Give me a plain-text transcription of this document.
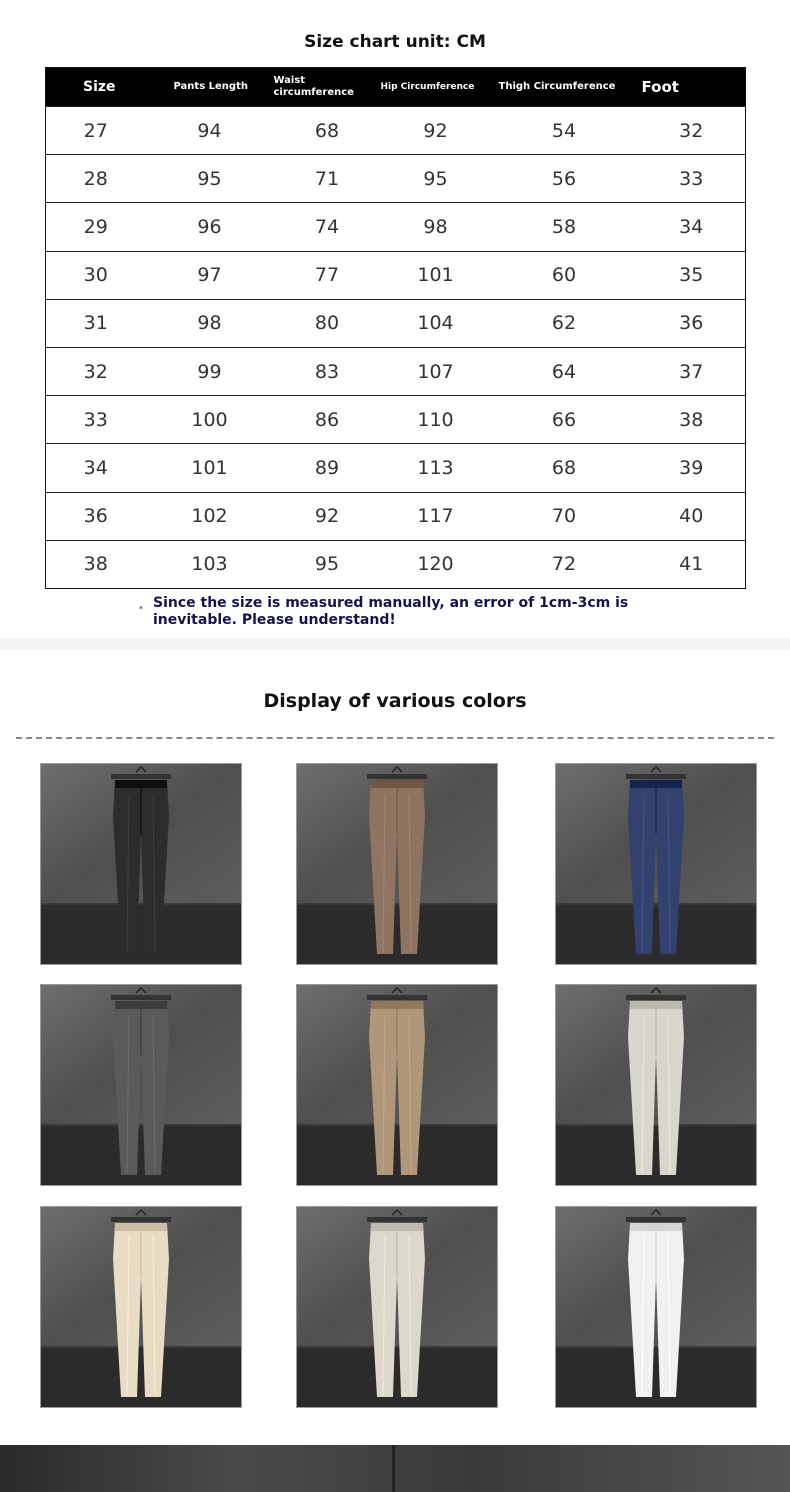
Size chart unit: CM
Size	Pants Length	Waist circumference	Hip Circumference	Thigh Circumference	Foot
27	94	68	92	54	32
28	95	71	95	56	33
29	96	74	98	58	34
30	97	77	101	60	35
31	98	80	104	62	36
32	99	83	107	64	37
33	100	86	110	66	38
34	101	89	113	68	39
36	102	92	117	70	40
38	103	95	120	72	41
• Since the size is measured manually, an error of 1cm-3cm is inevitable. Please understand!
Display of various colors
